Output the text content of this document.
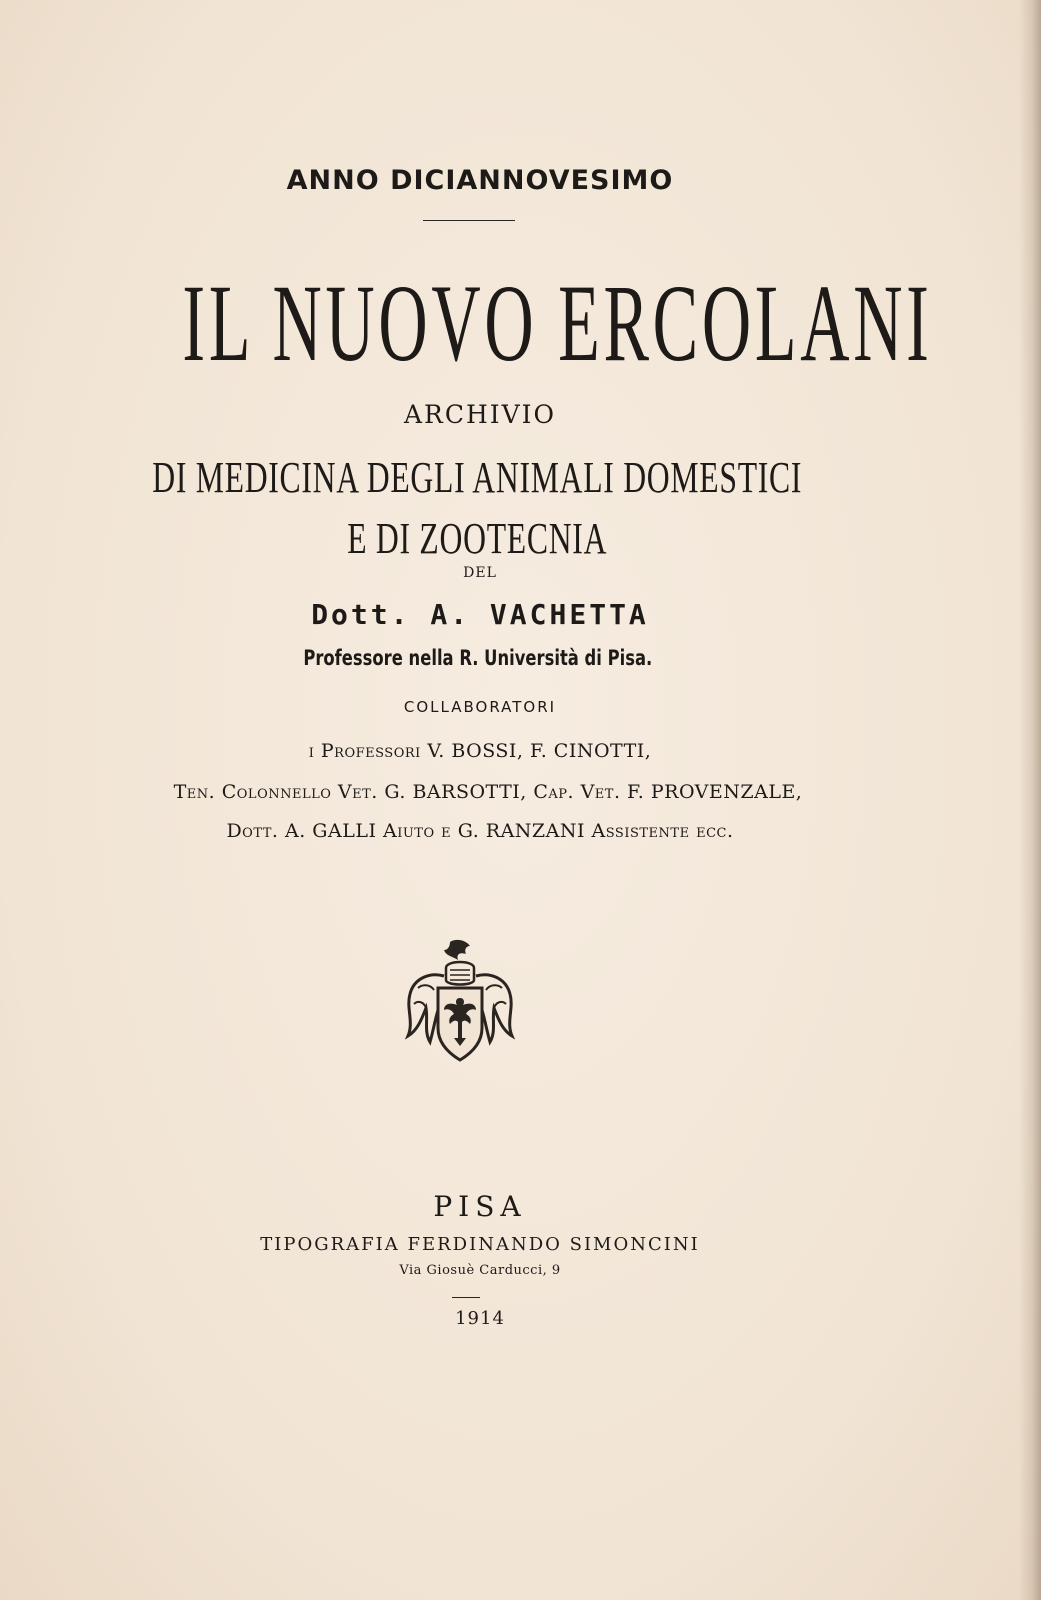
ANNO DICIANNOVESIMO
IL NUOVO ERCOLANI
ARCHIVIO
DI MEDICINA DEGLI ANIMALI DOMESTICI
E DI ZOOTECNIA
DEL
Dott. A. VACHETTA
Professore nella R. Università di Pisa.
COLLABORATORI
i Professori V. BOSSI, F. CINOTTI,
Ten. Colonnello Vet. G. BARSOTTI, Cap. Vet. F. PROVENZALE,
Dott. A. GALLI Aiuto e G. RANZANI Assistente ecc.
PISA
TIPOGRAFIA FERDINANDO SIMONCINI
Via Giosuè Carducci, 9
1914
